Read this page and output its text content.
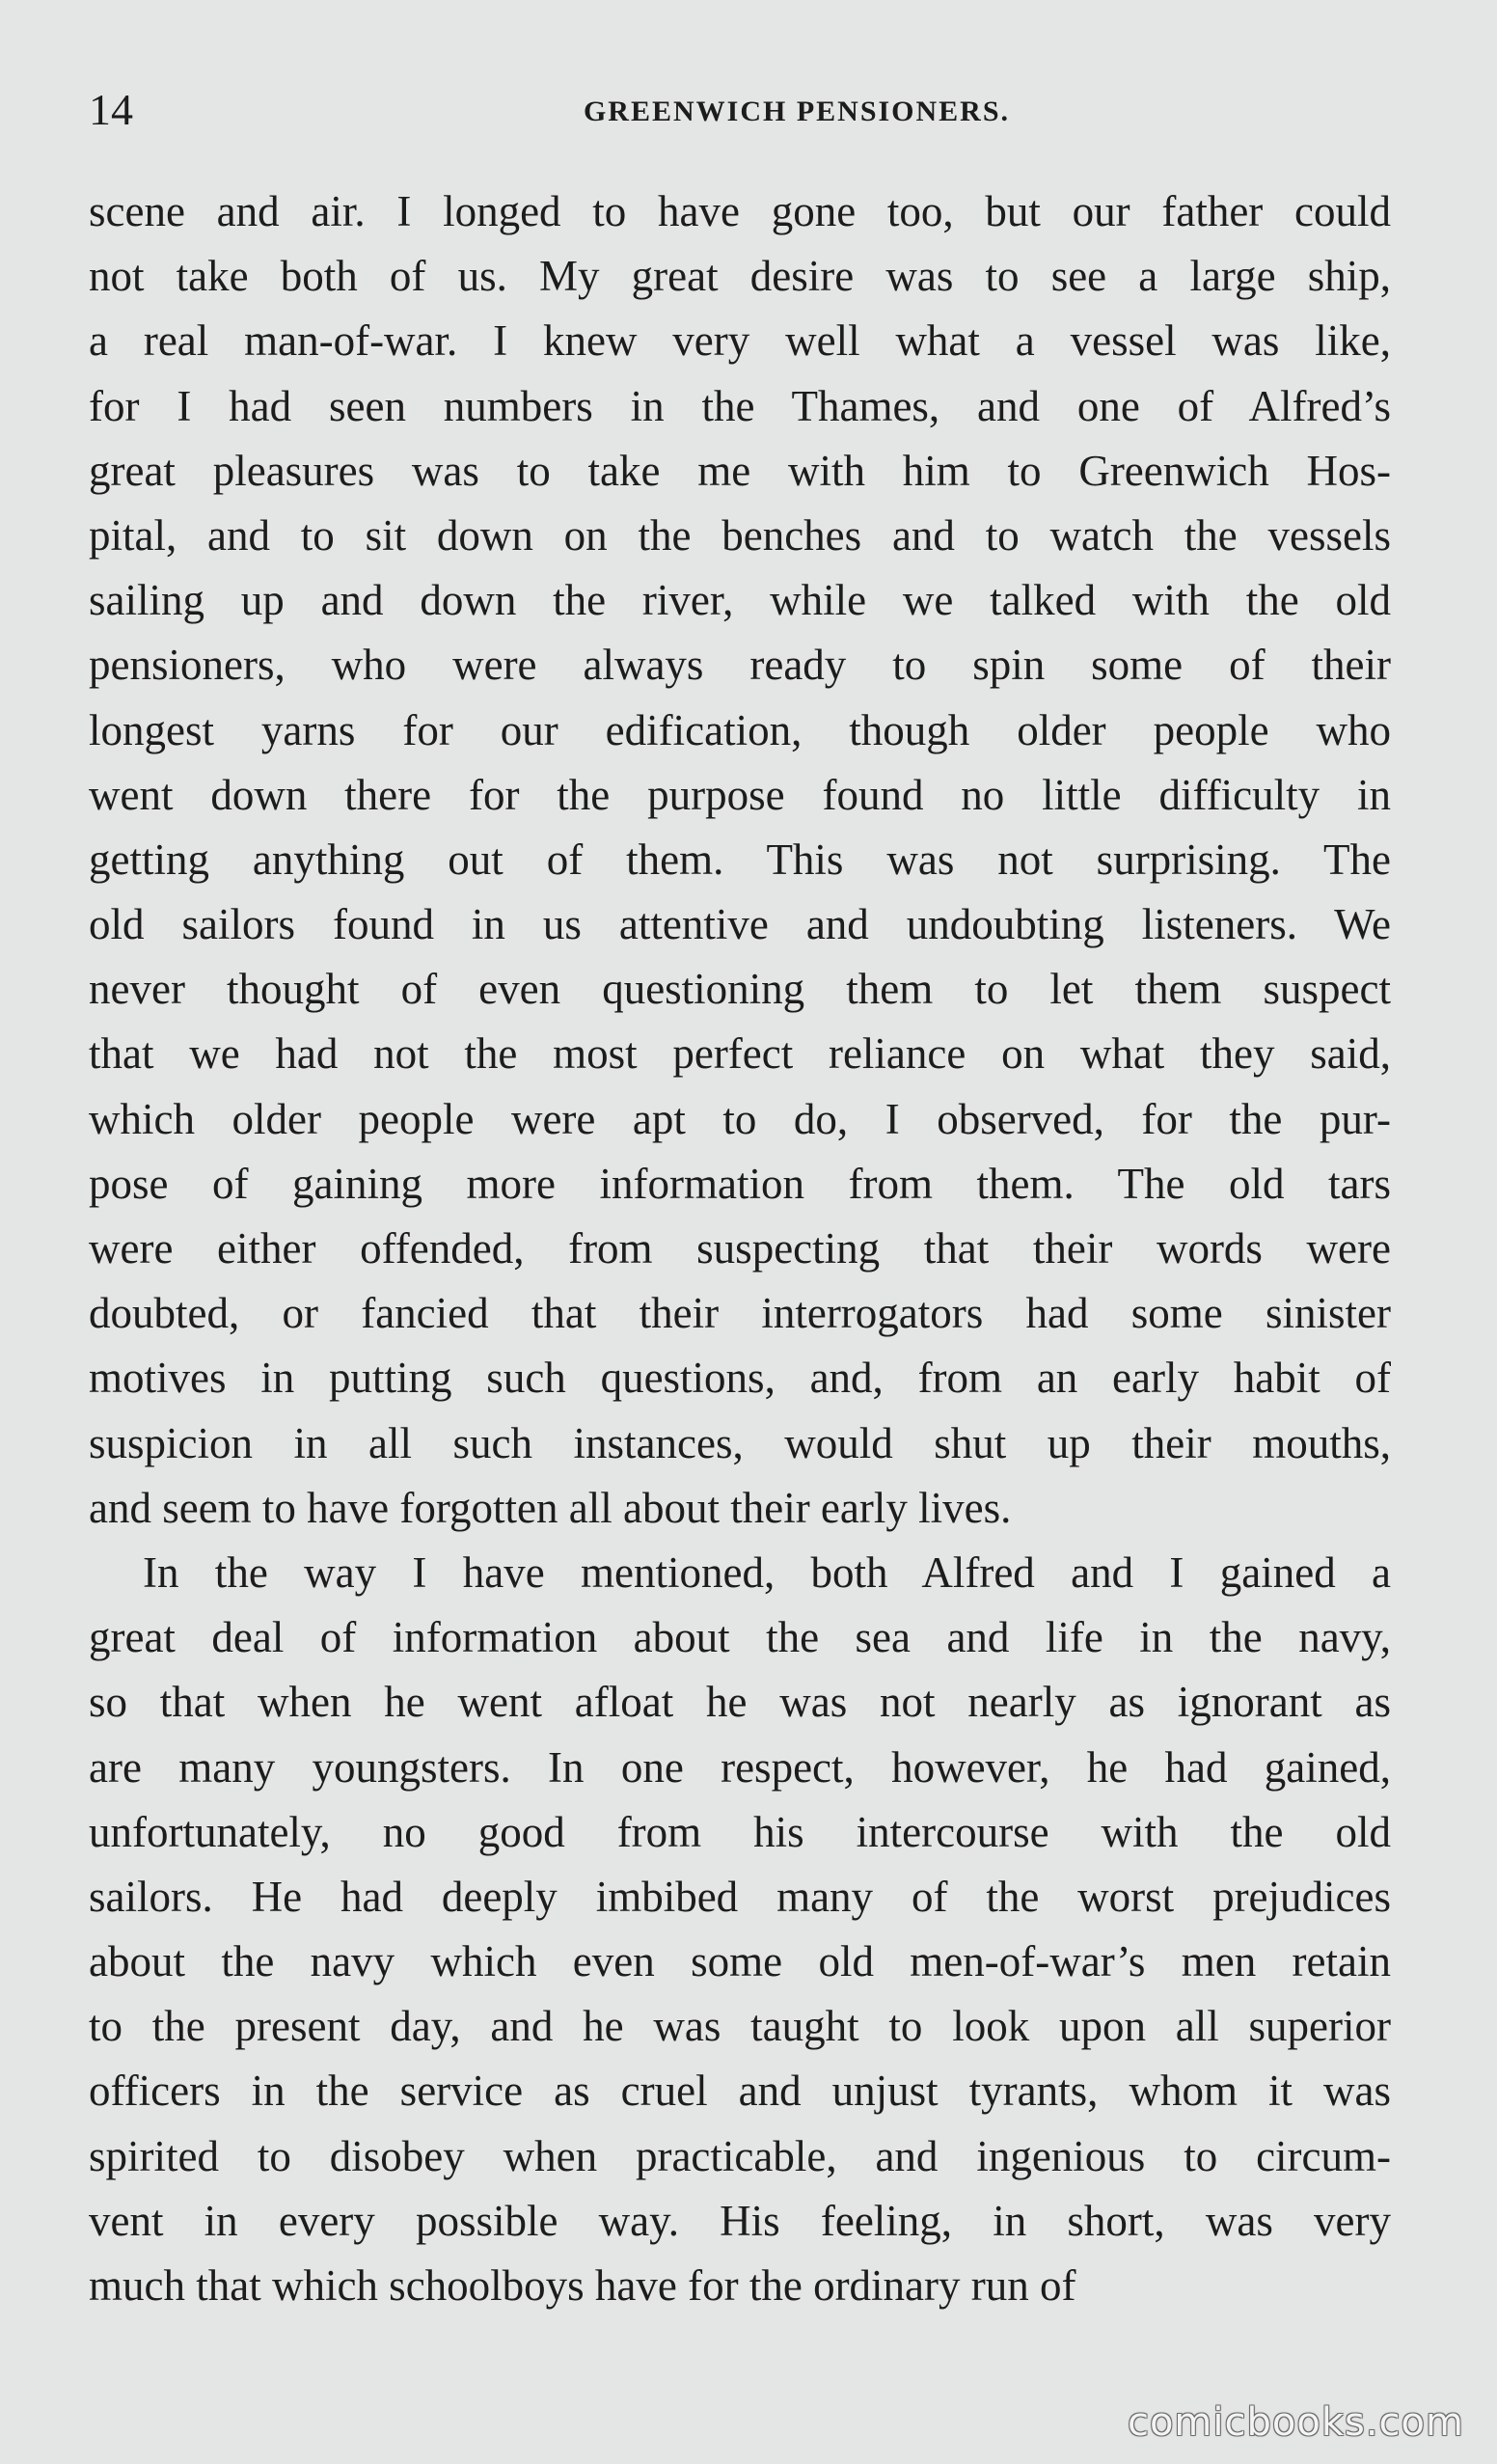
14	GREENWICH PENSIONERS.
scene and air. I longed to have gone too, but our father could
not take both of us. My great desire was to see a large ship,
a real man-of-war. I knew very well what a vessel was like,
for I had seen numbers in the Thames, and one of Alfred’s
great pleasures was to take me with him to Greenwich Hos-
pital, and to sit down on the benches and to watch the vessels
sailing up and down the river, while we talked with the old
pensioners, who were always ready to spin some of their
longest yarns for our edification, though older people who
went down there for the purpose found no little difficulty in
getting anything out of them. This was not surprising. The
old sailors found in us attentive and undoubting listeners. We
never thought of even questioning them to let them suspect
that we had not the most perfect reliance on what they said,
which older people were apt to do, I observed, for the pur-
pose of gaining more information from them. The old tars
were either offended, from suspecting that their words were
doubted, or fancied that their interrogators had some sinister
motives in putting such questions, and, from an early habit of
suspicion in all such instances, would shut up their mouths,
and seem to have forgotten all about their early lives.
In the way I have mentioned, both Alfred and I gained a
great deal of information about the sea and life in the navy,
so that when he went afloat he was not nearly as ignorant as
are many youngsters. In one respect, however, he had gained,
unfortunately, no good from his intercourse with the old
sailors. He had deeply imbibed many of the worst prejudices
about the navy which even some old men-of-war’s men retain
to the present day, and he was taught to look upon all superior
officers in the service as cruel and unjust tyrants, whom it was
spirited to disobey when practicable, and ingenious to circum-
vent in every possible way. His feeling, in short, was very
much that which schoolboys have for the ordinary run of
comicbooks.com
